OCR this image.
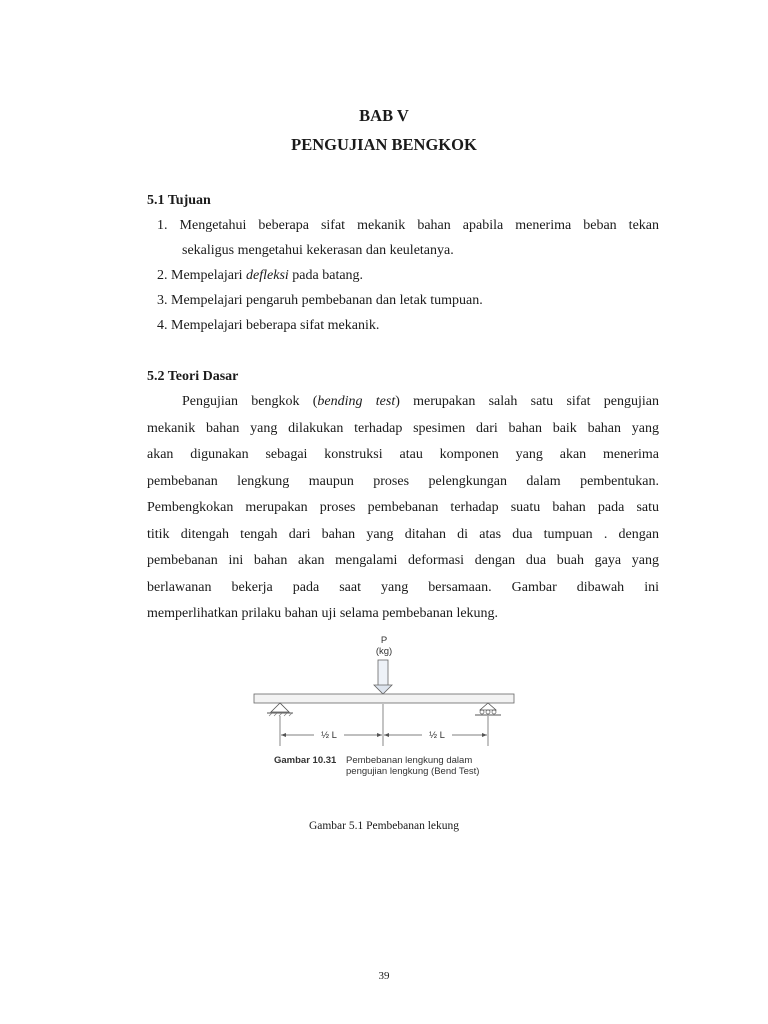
BAB V
PENGUJIAN BENGKOK
5.1 Tujuan
1. Mengetahui beberapa sifat mekanik bahan apabila menerima beban tekan
sekaligus mengetahui kekerasan dan keuletanya.
2. Mempelajari defleksi pada batang.
3. Mempelajari pengaruh pembebanan dan letak tumpuan.
4. Mempelajari beberapa sifat mekanik.
5.2 Teori Dasar
Pengujian bengkok (bending test) merupakan salah satu sifat pengujian
mekanik bahan yang dilakukan terhadap spesimen dari bahan baik bahan yang
akan digunakan sebagai konstruksi atau komponen yang akan menerima
pembebanan lengkung maupun proses pelengkungan dalam pembentukan.
Pembengkokan merupakan proses pembebanan terhadap suatu bahan pada satu
titik ditengah tengah dari bahan yang ditahan di atas dua tumpuan . dengan
pembebanan ini bahan akan mengalami deformasi dengan dua buah gaya yang
berlawanan bekerja pada saat yang bersamaan. Gambar dibawah ini
memperlihatkan prilaku bahan uji selama pembebanan lekung.
P
(kg)
½ L	½ L
Gambar 10.31 Pembebanan lengkung dalam
pengujian lengkung (Bend Test)
Gambar 5.1 Pembebanan lekung
39
